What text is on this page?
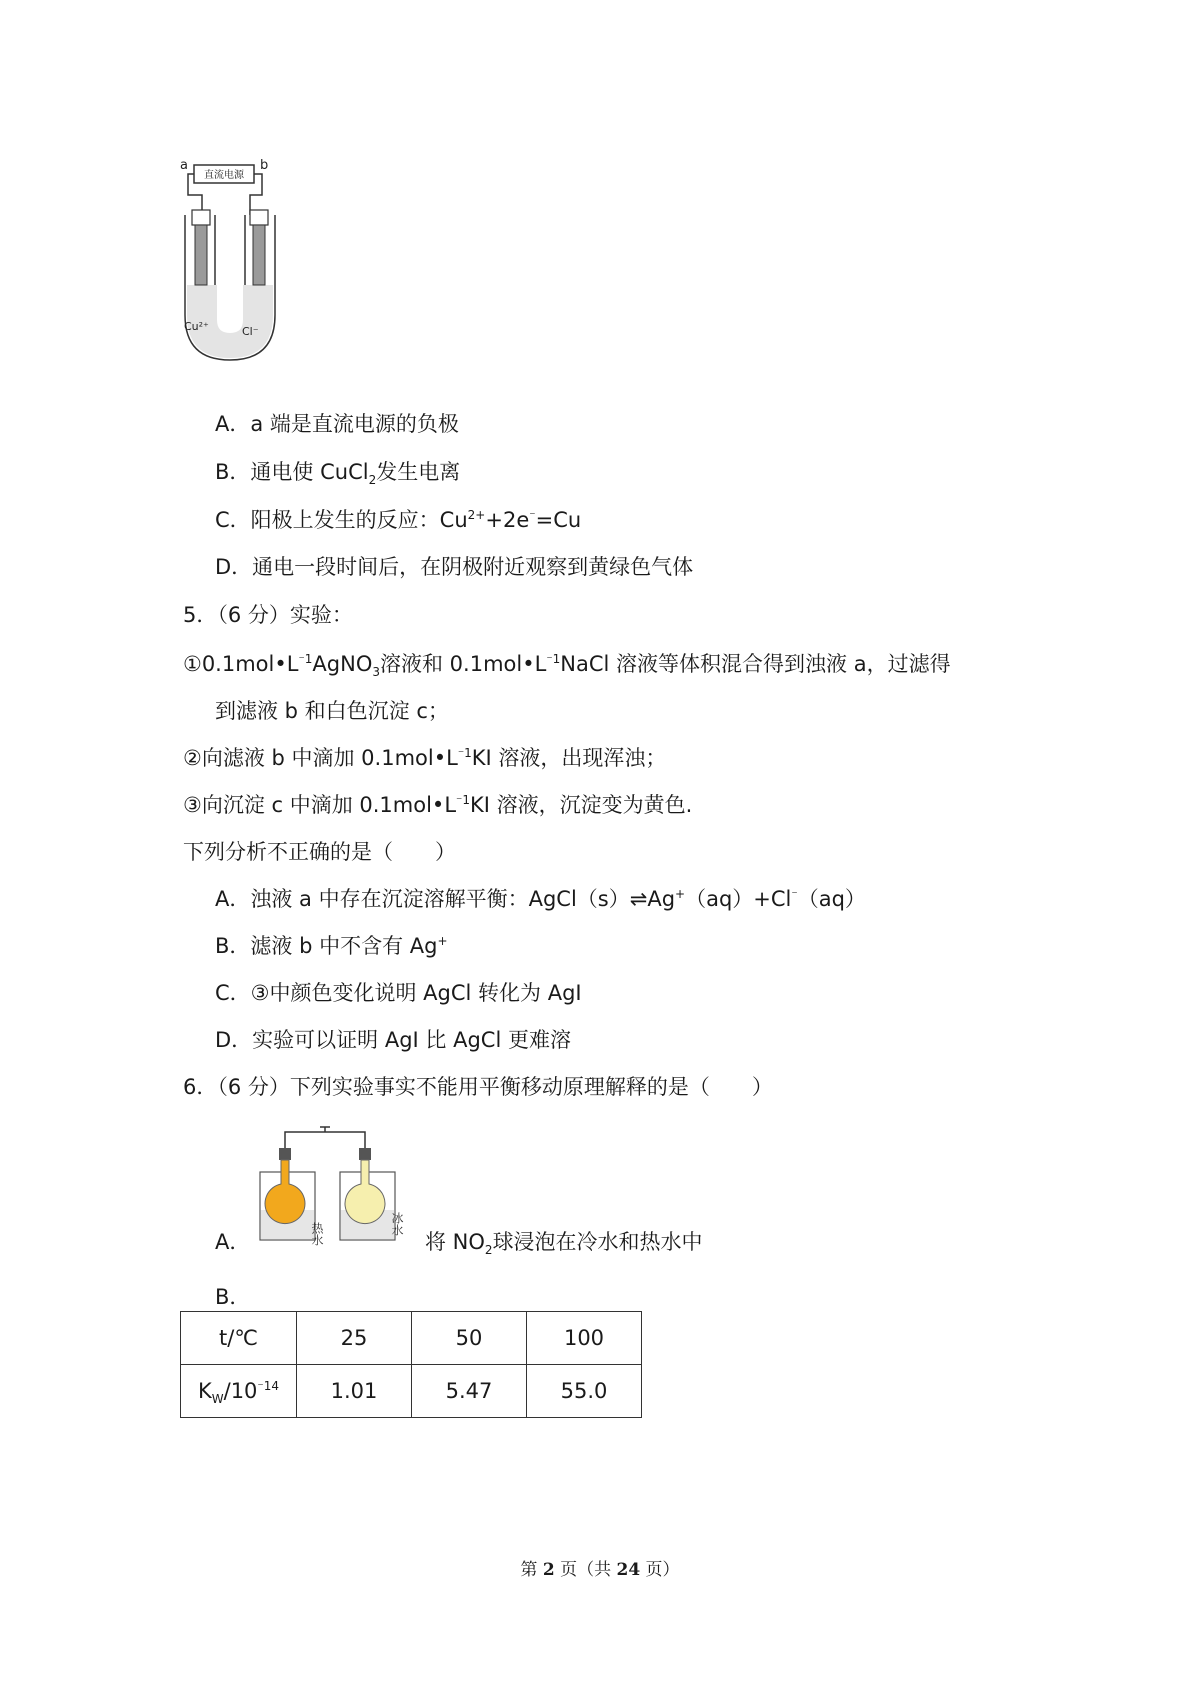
直流电源
a	b
Cu²⁺	Cl⁻
A．a 端是直流电源的负极
B．通电使 CuCl$_2$发生电离
C．阳极上发生的反应：$Cu^{2+}+2e^{^-}=Cu$
D．通电一段时间后，在阴极附近观察到黄绿色气体
5．（6 分）实验：
$①0.1mol•L^{^-1}AgNO_3$溶液和 $0.1mol•L^{^-1}NaCl$ 溶液等体积混合得到浊液 a，过滤得
到滤液 b 和白色沉淀 c；
②向滤液 b 中滴加 $0.1mol•L^{^-1}KI$ 溶液，出现浑浊；
③向沉淀 c 中滴加 $0.1mol•L^{^-1}KI$ 溶液，沉淀变为黄色.
下列分析不正确的是（　　）
A．浊液 a 中存在沉淀溶解平衡：AgCl（s）⇌Ag+（aq）+Cl⁻（aq）
B．滤液 b 中不含有 Ag+
C．③中颜色变化说明 AgCl 转化为 AgI
D．实验可以证明 AgI 比 AgCl 更难溶
6．（6 分）下列实验事实不能用平衡移动原理解释的是（　　）
热水	冰水
A．	将 $NO_2$球浸泡在冷水和热水中
B．
t/℃	25	50	100
$K_W/10^{^-14}$	1.01	5.47	55.0
第 2 页（共 24 页）
